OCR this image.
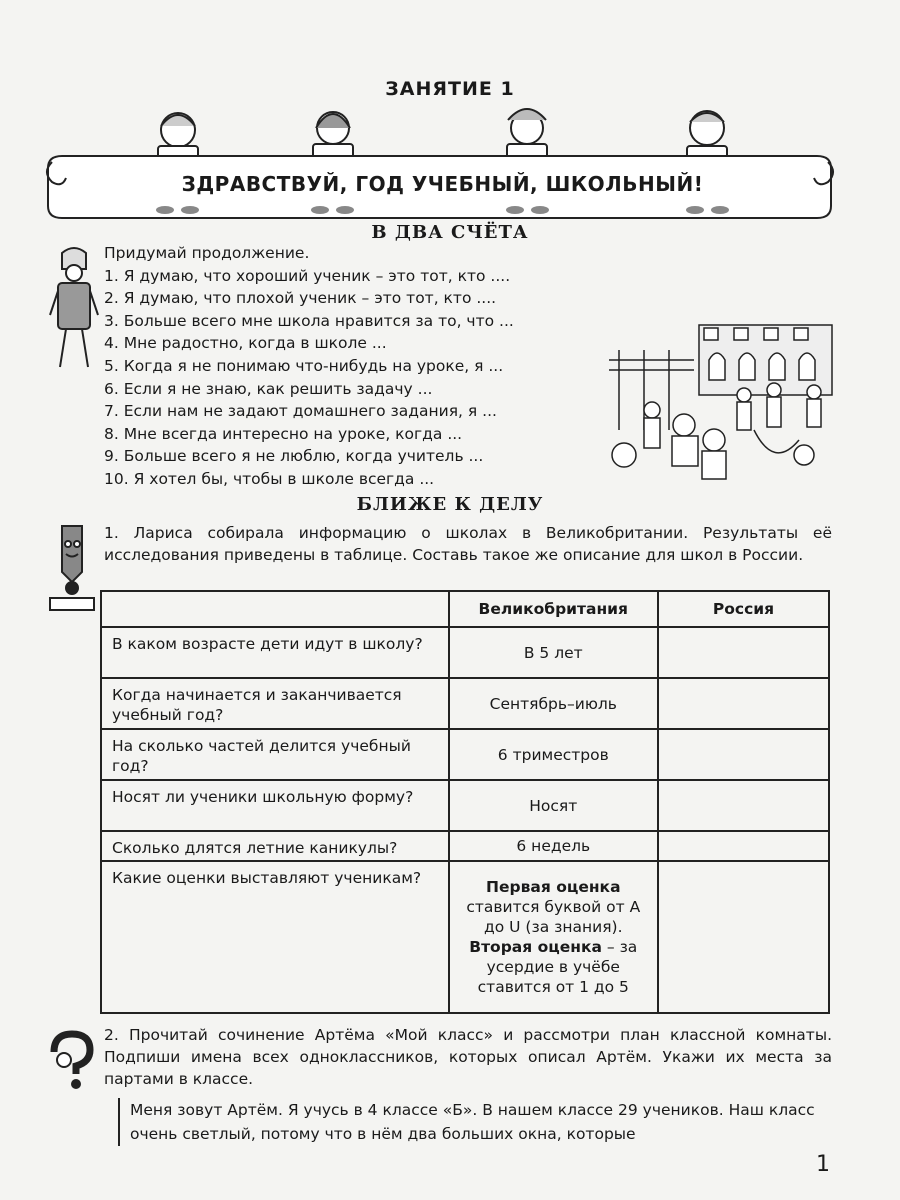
ЗАНЯТИЕ 1
ЗДРАВСТВУЙ, ГОД УЧЕБНЫЙ, ШКОЛЬНЫЙ!
В ДВА СЧЁТА
Придумай продолжение.
1. Я думаю, что хороший ученик – это тот, кто ....
2. Я думаю, что плохой ученик – это тот, кто ....
3. Больше всего мне школа нравится за то, что ...
4. Мне радостно, когда в школе ...
5. Когда я не понимаю что-нибудь на уроке, я ...
6. Если я не знаю, как решить задачу ...
7. Если нам не задают домашнего задания, я ...
8. Мне всегда интересно на уроке, когда ...
9. Больше всего я не люблю, когда учитель ...
10. Я хотел бы, чтобы в школе всегда ...
БЛИЖЕ К ДЕЛУ
1. Лариса собирала информацию о школах в Великобритании. Результаты её исследования приведены в таблице. Составь такое же описание для школ в России.
	Великобритания	Россия
В каком возрасте дети идут в школу?	В 5 лет	
Когда начинается и заканчивается учебный год?	Сентябрь–июль	
На сколько частей делится учебный год?	6 триместров	
Носят ли ученики школьную форму?	Носят	
Сколько длятся летние каникулы?	6 недель	
Какие оценки выставляют ученикам?	Первая оценка
ставится буквой от A до U (за знания).
Вторая оценка – за усердие в учёбе ставится от 1 до 5	
2. Прочитай сочинение Артёма «Мой класс» и рассмотри план классной комнаты. Подпиши имена всех одноклассников, которых описал Артём. Укажи их места за партами в классе.
Меня зовут Артём. Я учусь в 4 классе «Б». В нашем классе 29 учеников. Наш класс очень светлый, потому что в нём два больших окна, которые
1
